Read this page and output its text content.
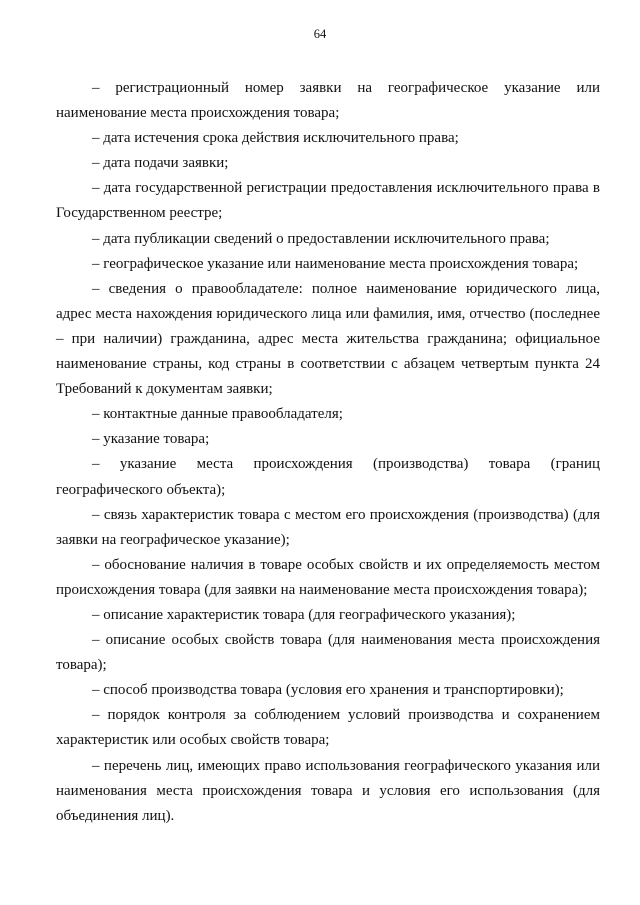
64

– регистрационный номер заявки на географическое указание или наименование места происхождения товара;

– дата истечения срока действия исключительного права;

– дата подачи заявки;

– дата государственной регистрации предоставления исключительного права в Государственном реестре;

– дата публикации сведений о предоставлении исключительного права;

– географическое указание или наименование места происхождения товара;

– сведения о правообладателе: полное наименование юридического лица, адрес места нахождения юридического лица или фамилия, имя, отчество (последнее – при наличии) гражданина, адрес места жительства гражданина; официальное наименование страны, код страны в соответствии с абзацем четвертым пункта 24 Требований к документам заявки;

– контактные данные правообладателя;

– указание товара;

– указание места происхождения (производства) товара (границ географического объекта);

– связь характеристик товара с местом его происхождения (производства) (для заявки на географическое указание);

– обоснование наличия в товаре особых свойств и их определяемость местом происхождения товара (для заявки на наименование места происхождения товара);

– описание характеристик товара (для географического указания);

– описание особых свойств товара (для наименования места происхождения товара);

– способ производства товара (условия его хранения и транспортировки);

– порядок контроля за соблюдением условий производства и сохранением характеристик или особых свойств товара;

– перечень лиц, имеющих право использования географического указания или наименования места происхождения товара и условия его использования (для объединения лиц).
